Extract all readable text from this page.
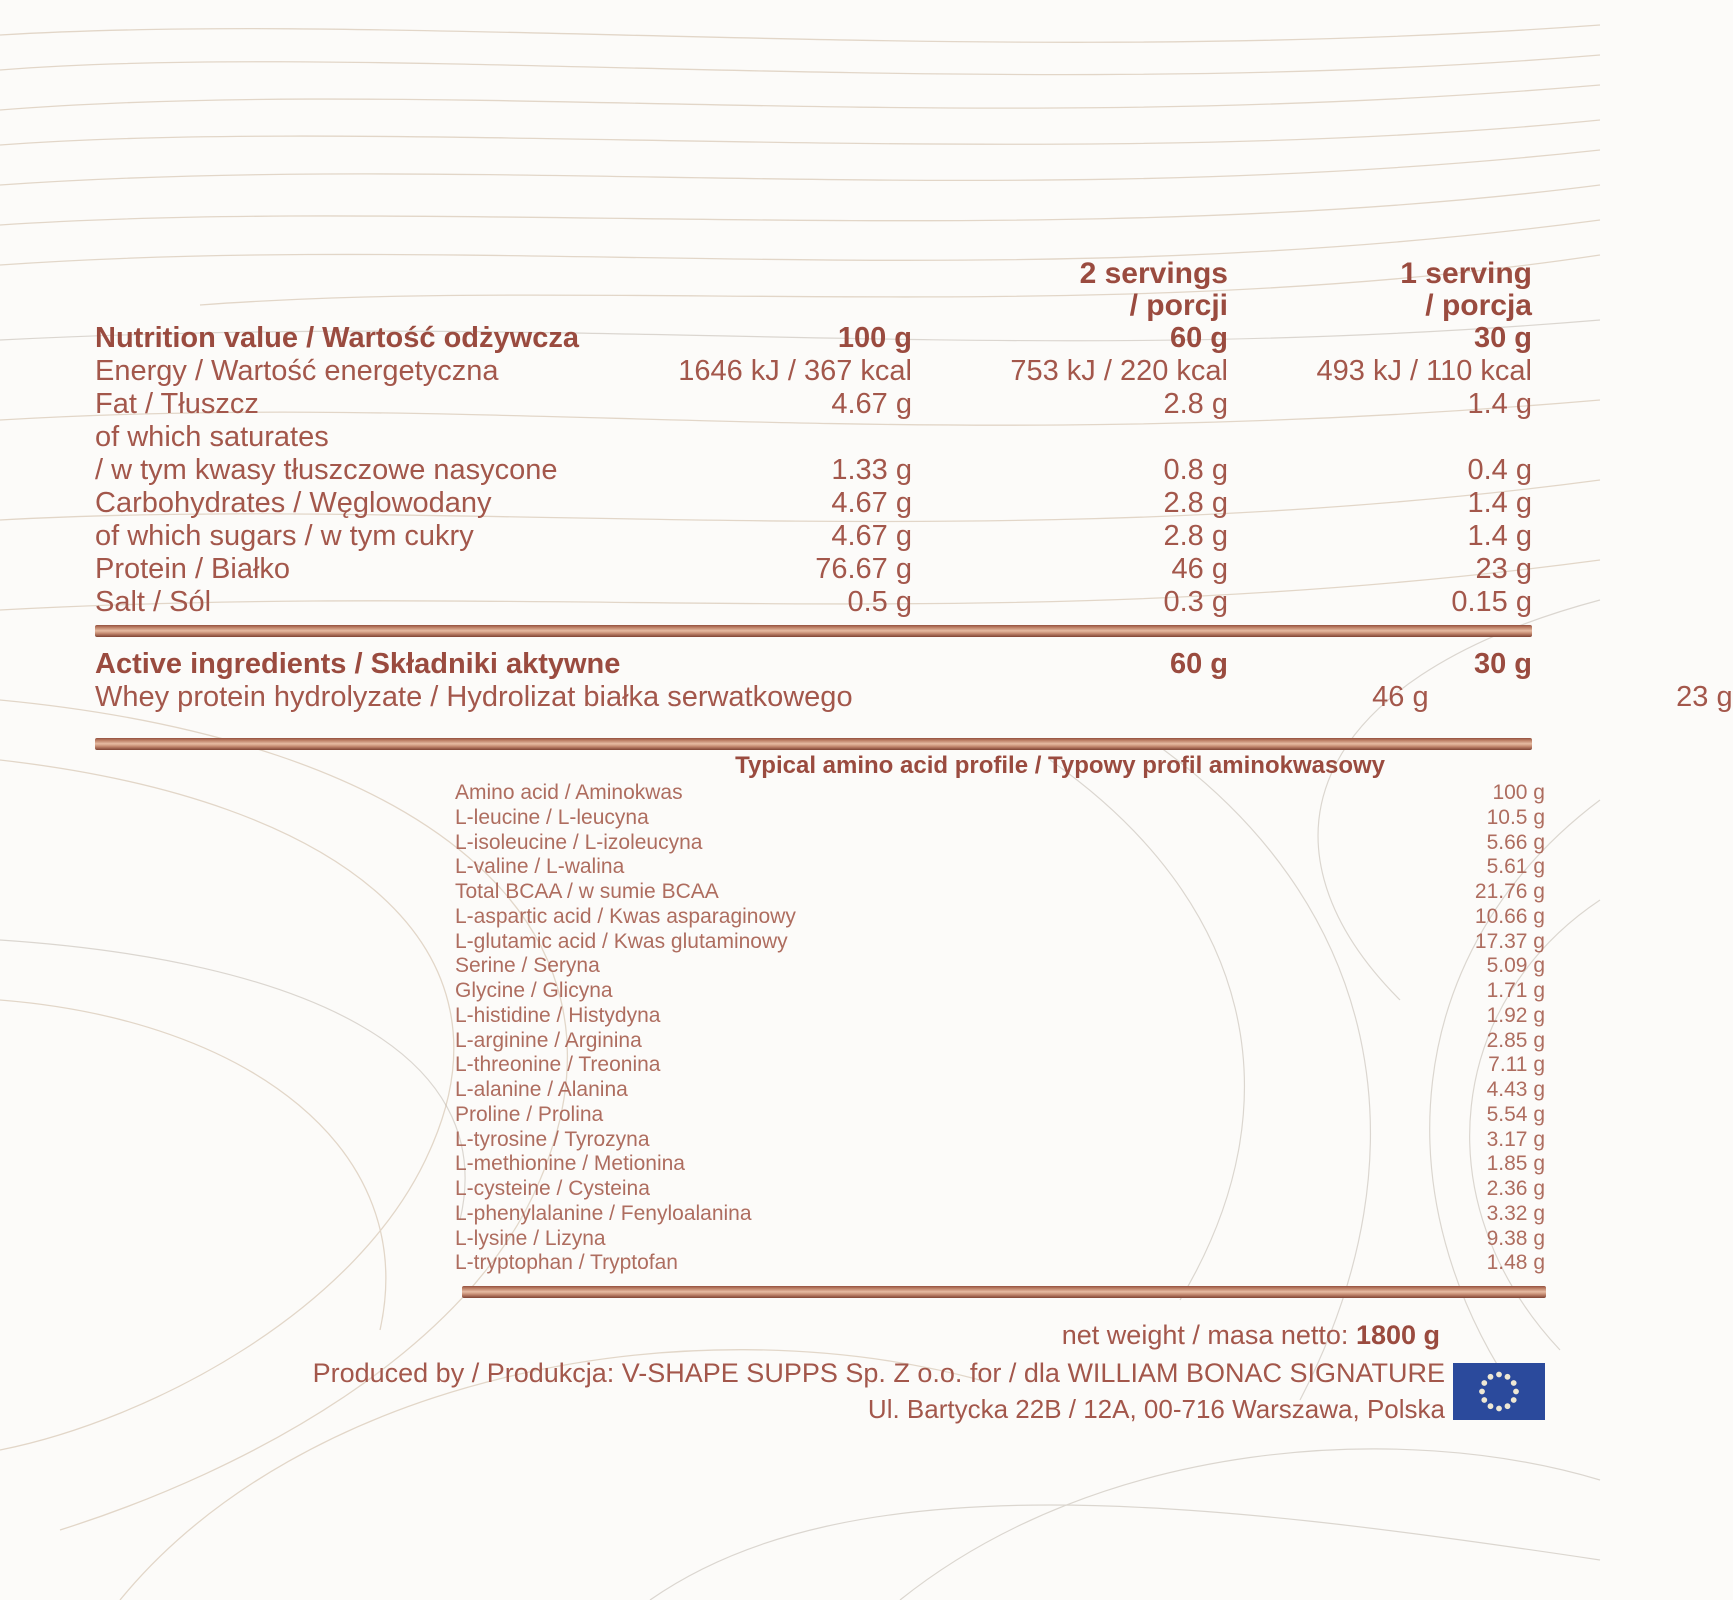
2 servings
/ porcji
1 serving
/ porcja
Nutrition value / Wartość odżywcza	100 g	60 g	30 g
Energy / Wartość energetyczna	1646 kJ / 367 kcal	753 kJ / 220 kcal	493 kJ / 110 kcal
Fat / Tłuszcz	4.67 g	2.8 g	1.4 g
of which saturates
/ w tym kwasy tłuszczowe nasycone	1.33 g	0.8 g	0.4 g
Carbohydrates / Węglowodany	4.67 g	2.8 g	1.4 g
of which sugars / w tym cukry	4.67 g	2.8 g	1.4 g
Protein / Białko	76.67 g	46 g	23 g
Salt / Sól	0.5 g	0.3 g	0.15 g
Active ingredients / Składniki aktywne	60 g	30 g
Whey protein hydrolyzate / Hydrolizat białka serwatkowego	46 g	23 g
Typical amino acid profile / Typowy profil aminokwasowy
Amino acid / Aminokwas	100 g
L-leucine / L-leucyna	10.5 g
L-isoleucine / L-izoleucyna	5.66 g
L-valine / L-walina	5.61 g
Total BCAA / w sumie BCAA	21.76 g
L-aspartic acid / Kwas asparaginowy	10.66 g
L-glutamic acid / Kwas glutaminowy	17.37 g
Serine / Seryna	5.09 g
Glycine / Glicyna	1.71 g
L-histidine / Histydyna	1.92 g
L-arginine / Arginina	2.85 g
L-threonine / Treonina	7.11 g
L-alanine / Alanina	4.43 g
Proline / Prolina	5.54 g
L-tyrosine / Tyrozyna	3.17 g
L-methionine / Metionina	1.85 g
L-cysteine / Cysteina	2.36 g
L-phenylalanine / Fenyloalanina	3.32 g
L-lysine / Lizyna	9.38 g
L-tryptophan / Tryptofan	1.48 g
net weight / masa netto: 1800 g
Produced by / Produkcja: V-SHAPE SUPPS Sp. Z o.o. for / dla WILLIAM BONAC SIGNATURE
Ul. Bartycka 22B / 12A, 00-716 Warszawa, Polska
